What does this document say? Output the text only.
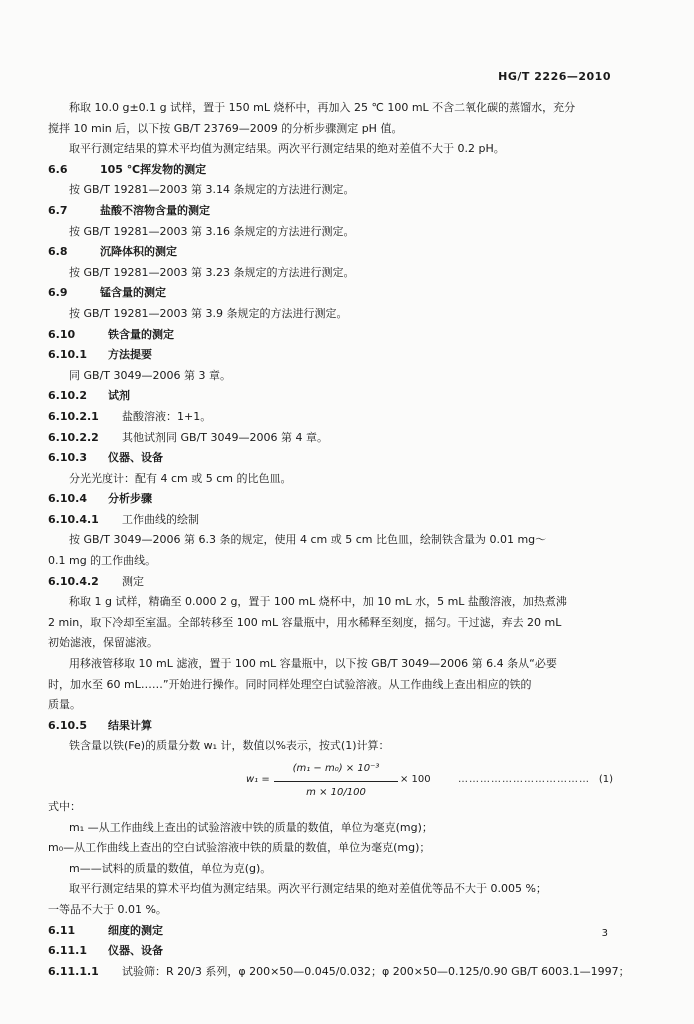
HG/T 2226—2010
称取 10.0 g±0.1 g 试样，置于 150 mL 烧杯中，再加入 25 ℃ 100 mL 不含二氧化碳的蒸馏水，充分
搅拌 10 min 后，以下按 GB/T 23769—2009 的分析步骤测定 pH 值。
取平行测定结果的算术平均值为测定结果。两次平行测定结果的绝对差值不大于 0.2 pH。
6.6	105 ℃挥发物的测定
按 GB/T 19281—2003 第 3.14 条规定的方法进行测定。
6.7	盐酸不溶物含量的测定
按 GB/T 19281—2003 第 3.16 条规定的方法进行测定。
6.8	沉降体积的测定
按 GB/T 19281—2003 第 3.23 条规定的方法进行测定。
6.9	锰含量的测定
按 GB/T 19281—2003 第 3.9 条规定的方法进行测定。
6.10	铁含量的测定
6.10.1 方法提要
同 GB/T 3049—2006 第 3 章。
6.10.2 试剂
6.10.2.1 盐酸溶液：1+1。
6.10.2.2 其他试剂同 GB/T 3049—2006 第 4 章。
6.10.3 仪器、设备
分光光度计：配有 4 cm 或 5 cm 的比色皿。
6.10.4 分析步骤
6.10.4.1 工作曲线的绘制
按 GB/T 3049—2006 第 6.3 条的规定，使用 4 cm 或 5 cm 比色皿，绘制铁含量为 0.01 mg～
0.1 mg 的工作曲线。
6.10.4.2 测定
称取 1 g 试样，精确至 0.000 2 g，置于 100 mL 烧杯中，加 10 mL 水，5 mL 盐酸溶液，加热煮沸
2 min，取下冷却至室温。全部转移至 100 mL 容量瓶中，用水稀释至刻度，摇匀。干过滤，弃去 20 mL
初始滤液，保留滤液。
用移液管移取 10 mL 滤液，置于 100 mL 容量瓶中，以下按 GB/T 3049—2006 第 6.4 条从“必要
时，加水至 60 mL……”开始进行操作。同时同样处理空白试验溶液。从工作曲线上查出相应的铁的
质量。
6.10.5 结果计算
铁含量以铁(Fe)的质量分数 w₁ 计，数值以%表示，按式(1)计算：
$w_1 = \frac{\text{(m₁ − m₀) × 10⁻³}}{m \times 10/100} \times 100$	……………………………… (1)
式中：
m₁ —从工作曲线上查出的试验溶液中铁的质量的数值，单位为毫克(mg)；
m₀—从工作曲线上查出的空白试验溶液中铁的质量的数值，单位为毫克(mg)；
m——试料的质量的数值，单位为克(g)。
取平行测定结果的算术平均值为测定结果。两次平行测定结果的绝对差值优等品不大于 0.005 %；
一等品不大于 0.01 %。
6.11	细度的测定
6.11.1 仪器、设备
6.11.1.1 试验筛：R 20/3 系列，φ 200×50—0.045/0.032；φ 200×50—0.125/0.90 GB/T 6003.1—1997；
3
